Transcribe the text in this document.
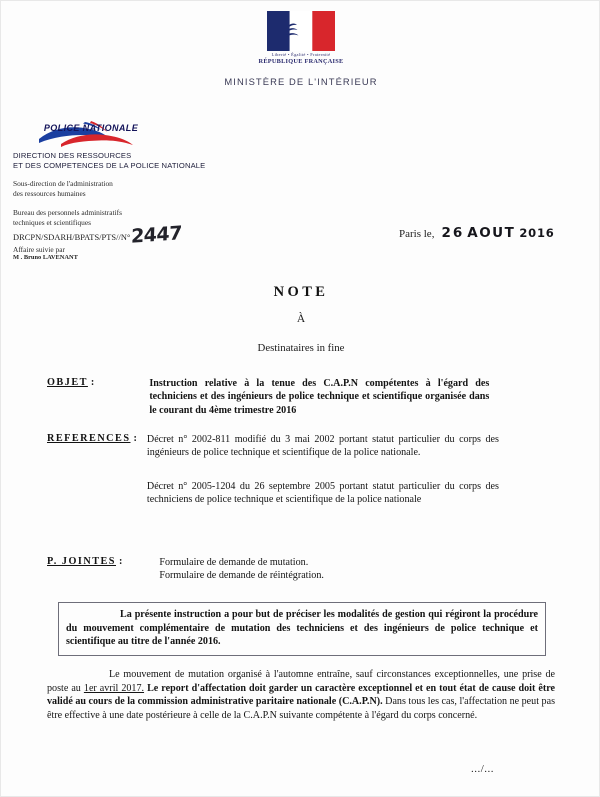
Liberté • Égalité • Fraternité
RÉPUBLIQUE FRANÇAISE
MINISTÈRE DE L'INTÉRIEUR
POLICE NATIONALE
DIRECTION DES RESSOURCES
ET DES COMPETENCES DE LA POLICE NATIONALE
Sous-direction de l'administration
des ressources humaines
Bureau des personnels administratifs
techniques et scientifiques
DRCPN/SDARH/BPATS/PTS//N° 2447
Affaire suivie par
M . Bruno LAVENANT
Paris le, 26 AOUT 2016
NOTE
À
Destinataires in fine
OBJET :	Instruction relative à la tenue des C.A.P.N compétentes à l'égard des techniciens et des ingénieurs de police technique et scientifique organisée dans le courant du 4ème trimestre 2016
REFERENCES : Décret n° 2002-811 modifié du 3 mai 2002 portant statut particulier du corps des ingénieurs de police technique et scientifique de la police nationale.
Décret n° 2005-1204 du 26 septembre 2005 portant statut particulier du corps des techniciens de police technique et scientifique de la police nationale
P. JOINTES :	Formulaire de demande de mutation.
Formulaire de demande de réintégration.
La présente instruction a pour but de préciser les modalités de gestion qui régiront la procédure du mouvement complémentaire de mutation des techniciens et des ingénieurs de police technique et scientifique au titre de l'année 2016.
Le mouvement de mutation organisé à l'automne entraîne, sauf circonstances exceptionnelles, une prise de poste au 1er avril 2017. Le report d'affectation doit garder un caractère exceptionnel et en tout état de cause doit être validé au cours de la commission administrative paritaire nationale (C.A.P.N). Dans tous les cas, l'affectation ne peut pas être effective à une date postérieure à celle de la C.A.P.N suivante compétente à l'égard du corps concerné.
.../...
